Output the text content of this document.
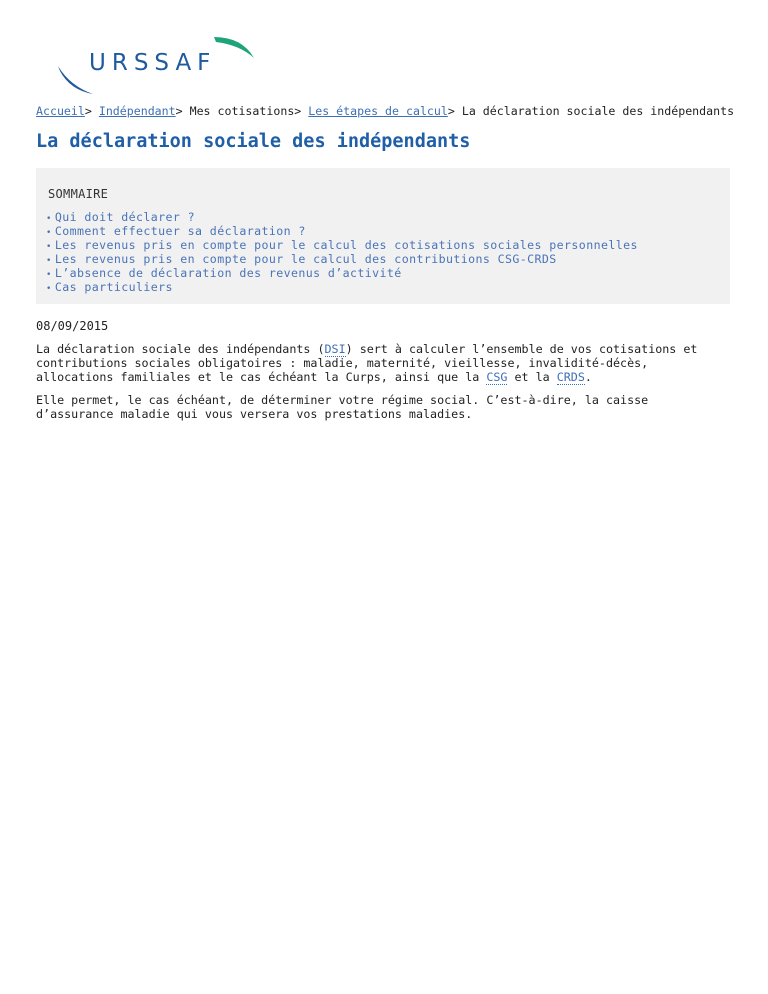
URSSAF
Accueil> Indépendant> Mes cotisations> Les étapes de calcul> La déclaration sociale des indépendants
La déclaration sociale des indépendants
SOMMAIRE
• Qui doit déclarer ?
• Comment effectuer sa déclaration ?
• Les revenus pris en compte pour le calcul des cotisations sociales personnelles
• Les revenus pris en compte pour le calcul des contributions CSG-CRDS
• L’absence de déclaration des revenus d’activité
• Cas particuliers
08/09/2015
La déclaration sociale des indépendants (DSI) sert à calculer l’ensemble de vos cotisations et
contributions sociales obligatoires : maladie, maternité, vieillesse, invalidité-décès,
allocations familiales et le cas échéant la Curps, ainsi que la CSG et la CRDS.
Elle permet, le cas échéant, de déterminer votre régime social. C’est-à-dire, la caisse
d’assurance maladie qui vous versera vos prestations maladies.
